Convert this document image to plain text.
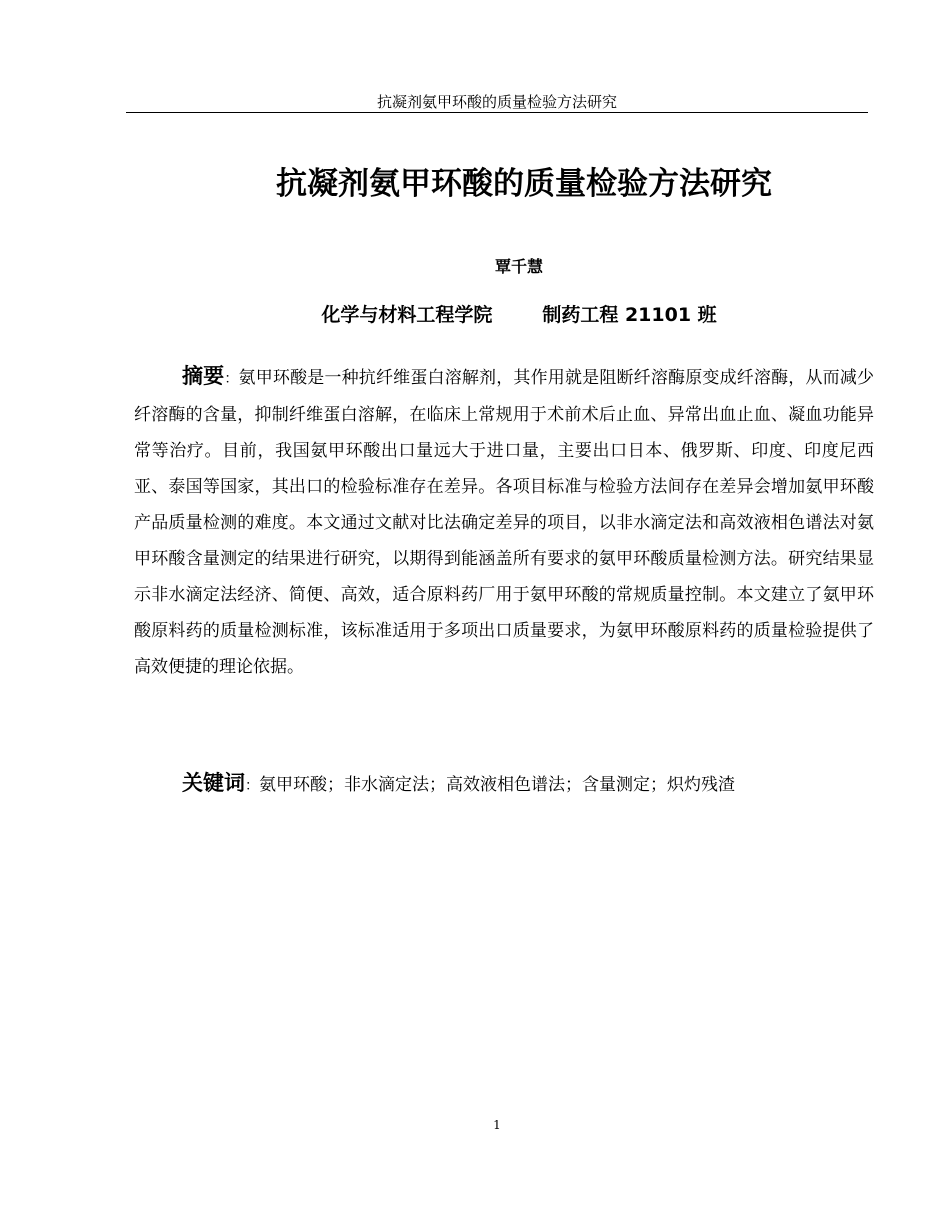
抗凝剂氨甲环酸的质量检验方法研究
抗凝剂氨甲环酸的质量检验方法研究
覃千慧
化学与材料工程学院	制药工程 21101 班

摘要：氨甲环酸是一种抗纤维蛋白溶解剂，其作用就是阻断纤溶酶原变成纤溶酶，从而减少纤溶酶的含量，抑制纤维蛋白溶解，在临床上常规用于术前术后止血、异常出血止血、凝血功能异常等治疗。目前，我国氨甲环酸出口量远大于进口量，主要出口日本、俄罗斯、印度、印度尼西亚、泰国等国家，其出口的检验标准存在差异。各项目标准与检验方法间存在差异会增加氨甲环酸产品质量检测的难度。本文通过文献对比法确定差异的项目，以非水滴定法和高效液相色谱法对氨甲环酸含量测定的结果进行研究，以期得到能涵盖所有要求的氨甲环酸质量检测方法。研究结果显示非水滴定法经济、简便、高效，适合原料药厂用于氨甲环酸的常规质量控制。本文建立了氨甲环酸原料药的质量检测标准，该标准适用于多项出口质量要求，为氨甲环酸原料药的质量检验提供了高效便捷的理论依据。

关键词：氨甲环酸；非水滴定法；高效液相色谱法；含量测定；炽灼残渣

1
